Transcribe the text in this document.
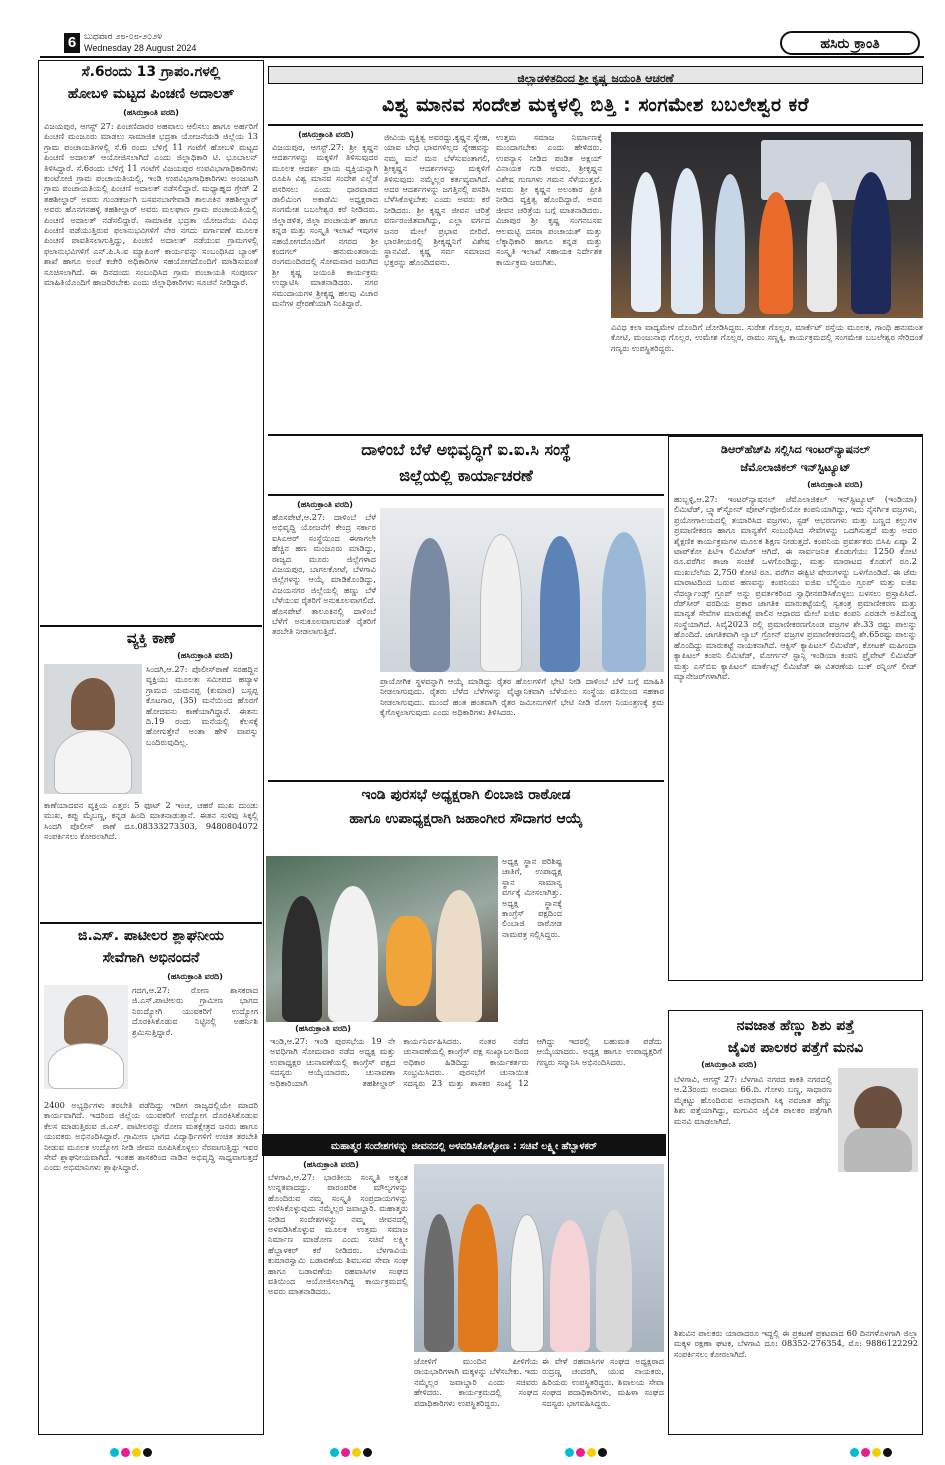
6 ಬುಧವಾರ ೨೮-೦೮-೨೦೨೪
Wednesday 28 August 2024	ಹಸಿರು ಕ್ರಾಂತಿ
ಸೆ.6ರಂದು 13 ಗ್ರಾಪಂ.ಗಳಲ್ಲಿ
ಹೋಬಳಿ ಮಟ್ಟದ ಪಿಂಚಣಿ ಅದಾಲತ್
(ಹಸಿರುಕ್ರಾಂತಿ ವರದಿ)
ವಿಜಯಪುರ, ಆಗಸ್ಟ್ 27: ಪಿಂಚಣಿದಾರರ ಅಹವಾಲು ಆಲಿಸಲು ಹಾಗೂ ಅರ್ಹರಿಗೆ ಪಿಂಚಣಿ ಮಂಜೂರು ಮಾಡಲು ಸಾಮಾಜಿಕ ಭದ್ರತಾ ಯೋಜನೆಯಡಿ ಜಿಲ್ಲೆಯ 13 ಗ್ರಾಮ ಪಂಚಾಯತಿಗಳಲ್ಲಿ ಸೆ.6 ರಂದು ಬೆಳಿಗ್ಗೆ 11 ಗಂಟೆಗೆ ಹೋಬಳಿ ಮಟ್ಟದ ಪಿಂಚಣಿ ಅದಾಲತ್ ಆಯೋಜಿಸಲಾಗಿದೆ ಎಂದು ಜಿಲ್ಲಾಧಿಕಾರಿ ಟಿ. ಭೂಬಾಲನ್ ತಿಳಿಸಿದ್ದಾರೆ. ಸೆ.6ರಂದು ಬೆಳಿಗ್ಗೆ 11 ಗಂಟೆಗೆ ವಿಜಯಪುರ ಉಪವಿಭಾಗಾಧಿಕಾರಿಗಳು ಕುಂಟೋಜಿ ಗ್ರಾಮ ಪಂಚಾಯತಿಯಲ್ಲಿ, ಇಂಡಿ ಉಪವಿಭಾಗಾಧಿಕಾರಿಗಳು ಅಂಜುಟಗಿ ಗ್ರಾಮ ಪಂಚಾಯತಿಯಲ್ಲಿ ಪಿಂಚಣಿ ಅದಾಲತ್ ನಡೆಸಲಿದ್ದಾರೆ. ಮಧ್ಯಾಹ್ನದ ಗ್ರೇಡ್ 2 ತಹಶೀಲ್ದಾರ್ ಅವರು ಗುಂಡಕರ್ಜಗಿ ಬಸವನಬಾಗೇವಾಡಿ ತಾಲೂಕಿನ ತಹಶೀಲ್ದಾರ್ ಅವರು ಹೊನಗನಹಳ್ಳಿ ತಹಶೀಲ್ದಾರ್ ಅವರು ಮಲಘಾಣ ಗ್ರಾಮ ಪಂಚಾಯತಿಯಲ್ಲಿ ಪಿಂಚಣಿ ಅದಾಲತ್ ನಡೆಸಲಿದ್ದಾರೆ. ಸಾಮಾಜಿಕ ಭದ್ರತಾ ಯೋಜನೆಯ ವಿವಿಧ ಪಿಂಚಣಿ ಪಡೆಯುತ್ತಿರುವ ಫಲಾನುಭವಿಗಳಿಗೆ ನೇರ ನಗದು ವರ್ಗಾವಣೆ ಮೂಲಕ ಪಿಂಚಣಿ ಪಾವತಿಸಲಾಗುತ್ತಿದ್ದು, ಪಿಂಚಣಿ ಅದಾಲತ್ ನಡೆಯುವ ಗ್ರಾಮಗಳಲ್ಲಿ ಫಲಾನುಭವಿಗಳಿಗೆ ಎನ್.ಪಿ.ಸಿ.ಐ ಮ್ಯಾಪಿಂಗ್ ಕಾರ್ಯವನ್ನು ಸಂಬಂಧಿಸಿದ ಬ್ಯಾಂಕ್ ಶಾಖೆ ಹಾಗೂ ಅಂಚೆ ಕಚೇರಿ ಅಧಿಕಾರಿಗಳ ಸಹಯೋಗದೊಂದಿಗೆ ಮಾಡಿಸುವಂತೆ ಸೂಚಿಸಲಾಗಿದೆ. ಈ ದಿನದಂದು ಸಂಬಂಧಿಸಿದ ಗ್ರಾಮ ಪಂಚಾಯತಿ ಸಂಪೂರ್ಣ ಮಾಹಿತಿಯೊಂದಿಗೆ ಹಾಜರಿರಬೇಕು ಎಂದು ಜಿಲ್ಲಾಧಿಕಾರಿಗಳು ಸೂಚನೆ ನೀಡಿದ್ದಾರೆ.
ವ್ಯಕ್ತಿ ಕಾಣೆ
(ಹಸಿರುಕ್ರಾಂತಿ ವರದಿ)
ಸಿಂದಗಿ,ಆ.27: ಪೊಲೀಸ್‌ಠಾಣೆ ಸರಹದ್ದಿನ ವ್ಯಕ್ತಿಯು ಮೂಲತಃ ಸಮೀಪದ ಹವ್ಯಾಳ ಗ್ರಾಮದ ಯಮನಪ್ಪ (ಕುಮಾರ) ಬಸ್ಸಪ್ಪ ಕೊಟಗಾರ, (35) ಮನೆಯಿಂದ ಹೊರಗೆ ಹೋದವನು ಕಾಣೆಯಾಗಿದ್ದಾನೆ. ಈತನು ದಿ.19 ರಂದು ಮನೆಯಲ್ಲಿ ಕೆಲಸಕ್ಕೆ ಹೋಗುತ್ತೇನೆ ಅಂತಾ ಹೇಳಿ ವಾಪಸ್ಸು ಬಂದಿರುವುದಿಲ್ಲ.
ಕಾಣೆಯಾದವನ ವ್ಯಕ್ತಿಯ ಎತ್ತರ: 5 ಫೂಟ್ 2 ಇಂಚ, ಚಹರೆ ಮುಖ ದುಂಡು ಮುಖ, ಕಪ್ಪು ಮೈಬಣ್ಣ, ಕನ್ನಡ ಹಿಂದಿ ಮಾತನಾಡುತ್ತಾನೆ. ಈತನ ಸುಳಿವು ಸಿಕ್ಕಲ್ಲಿ ಸಿಂದಗಿ ಪೊಲೀಸ್ ಠಾಣೆ ದೂ.08333273303, 9480804072 ಸಂಪರ್ಕಿಸಲು ಕೋರಲಾಗಿದೆ.
ಜಿ.ಎಸ್. ಪಾಟೀಲರ ಶ್ಲಾಘನೀಯ
ಸೇವೆಗಾಗಿ ಅಭಿನಂದನೆ
(ಹಸಿರುಕ್ರಾಂತಿ ವರದಿ)
ಗದಗ,ಆ.27: ರೋಣ ಶಾಸಕರಾದ ಜಿ.ಎಸ್.ಪಾಟೀಲರು ಗ್ರಾಮೀಣ ಭಾಗದ ನಿರುದ್ಯೋಗಿ ಯುವಕರಿಗೆ ಉದ್ಯೋಗ ದೊರಕಿಸಿಕೊಡುವ ನಿಟ್ಟಿನಲ್ಲಿ ಅಹರ್ನಿಶಿ ಶ್ರಮಿಸುತ್ತಿದ್ದಾರೆ.
2400 ಅಭ್ಯರ್ಥಿಗಳು ತರಬೇತಿ ಪಡೆದಿದ್ದು ಇದೀಗ ರಾಜ್ಯದಲ್ಲಿಯೇ ಮಾದರಿ ಕಾರ್ಯವಾಗಿದೆ. ಇದರಿಂದ ಜಿಲ್ಲೆಯ ಯುವಕರಿಗೆ ಉದ್ಯೋಗ ದೊರಕಿಸಿಕೊಡುವ ಕೆಲಸ ಮಾಡುತ್ತಿರುವ ಜಿ.ಎಸ್. ಪಾಟೀಲರನ್ನು ರೋಣ ಮತಕ್ಷೇತ್ರದ ಜನರು ಹಾಗೂ ಯುವಕರು ಅಭಿನಂದಿಸಿದ್ದಾರೆ. ಗ್ರಾಮೀಣ ಭಾಗದ ವಿದ್ಯಾರ್ಥಿಗಳಿಗೆ ಉಚಿತ ತರಬೇತಿ ನೀಡುವ ಮೂಲಕ ಉದ್ಯೋಗ ನೀಡಿ ಜೀವನ ರೂಪಿಸಿಕೊಳ್ಳಲು ನೆರವಾಗುತ್ತಿದ್ದು ಇವರ ಸೇವೆ ಶ್ಲಾಘನೀಯವಾಗಿದೆ. ಇಂತಹ ಶಾಸಕರಿಂದ ನಾಡಿನ ಅಭಿವೃದ್ಧಿ ಸಾಧ್ಯವಾಗುತ್ತದೆ ಎಂದು ಅಭಿಮಾನಿಗಳು ಶ್ಲಾಘಿಸಿದ್ದಾರೆ.
ಜಿಲ್ಲಾಡಳಿತದಿಂದ ಶ್ರೀ ಕೃಷ್ಣ ಜಯಂತಿ ಆಚರಣೆ
ವಿಶ್ವ ಮಾನವ ಸಂದೇಶ ಮಕ್ಕಳಲ್ಲಿ ಬಿತ್ತಿ : ಸಂಗಮೇಶ ಬಬಲೇಶ್ವರ ಕರೆ
(ಹಸಿರುಕ್ರಾಂತಿ ವರದಿ)
ವಿಜಯಪುರ, ಆಗಸ್ಟ್.27: ಶ್ರೀ ಕೃಷ್ಣನ ಆದರ್ಶಗಳನ್ನು ಮಕ್ಕಳಿಗೆ ತಿಳಿಸುವುದರ ಮೂಲಕ ಆದರ್ಶ ಪ್ರಾಯ ವ್ಯಕ್ತಿಯನ್ನಾಗಿ ರೂಪಿಸಿ ವಿಶ್ವ ಮಾನವ ಸಂದೇಶ ಎಲ್ಲೆಡೆ ಪಸರಿಸಲು ಎಂದು ಧಾರವಾಡದ ಡಾಲಿಮಿಂಗ ಅಕಾಡೆಮಿ ಅಧ್ಯಕ್ಷರಾದ ಸಂಗಮೇಶ ಬಬಲೇಶ್ವರ ಕರೆ ನೀಡಿದರು. ಜಿಲ್ಲಾಡಳಿತ, ಜಿಲ್ಲಾ ಪಂಚಾಯತ್ ಹಾಗೂ ಕನ್ನಡ ಮತ್ತು ಸಂಸ್ಕೃತಿ ಇಲಾಖೆ ಇವುಗಳ ಸಹಯೋಗದೊಂದಿಗೆ ನಗರದ ಶ್ರೀ ಕಂದಗಲ್ ಹನುಮಂತರಾಯ ರಂಗಮಂದಿರದಲ್ಲಿ ಸೋಮವಾರ ಜರುಗಿದ ಶ್ರೀ ಕೃಷ್ಣ ಜಯಂತಿ ಕಾರ್ಯಕ್ರಮ ಉದ್ಘಾಟಿಸಿ ಮಾತನಾಡಿದರು. ನಗರ ಸಮುದಾಯಗಳ ಶ್ರೀಕೃಷ್ಣ ಹಲವು ವಿಚಾರ ಮನೆಗಳ ಪ್ರೇರಣೆಯಾಗಿ ನಿಂತಿದ್ದಾರೆ.
ಜೀವಿಯ ವ್ಯಕ್ತಿತ್ವ ಅವರದ್ದು.ಕೃಷ್ಣನ ಸ್ನೇಹ, ಯಾವ ಬೇಧ ಭಾವಗಳಿಲ್ಲದ ಸ್ನೇಹವನ್ನು ನಮ್ಮ ಮನೆ ಮನ ಬೆಳೆಸುವಂತಾಗಲಿ, ಶ್ರೀಕೃಷ್ಣನ ಆದರ್ಶಗಳನ್ನು ಮಕ್ಕಳಿಗೆ ತಿಳಿಸುವುದು ನಮ್ಮೆಲ್ಲರ ಕರ್ತವ್ಯವಾಗಿದೆ. ಅದರ ಆದರ್ಶಗಳನ್ನು ಜಗತ್ತಿನಲ್ಲಿ ಪಸರಿಸಿ ಬೆಳೆಸಿಕೊಳ್ಳಬೇಕು ಎಂದು ಅವರು ಕರೆ ನೀಡಿದರು. ಶ್ರೀ ಕೃಷ್ಣನ ಜೀವನ ಚರಿತ್ರೆ ವರ್ಣರಂಜಿತವಾಗಿದ್ದು, ಎಲ್ಲಾ ವರ್ಗದ ಜನರ ಮೇಲೆ ಪ್ರಭಾವ ಬೀರಿದೆ. ಭಾರತೀಯರಲ್ಲಿ ಶ್ರೀಕೃಷ್ಣನಿಗೆ ವಿಶೇಷ ಸ್ಥಾನವಿದೆ. ಕೃಷ್ಣ ಸರ್ವ ಸಮಾಜದ ಭಕ್ತರನ್ನು ಹೊಂದಿದವನು.
ಉತ್ತಮ ಸಮಾಜ ನಿರ್ಮಾಣಕ್ಕೆ ಮುಂದಾಗಬೇಕು ಎಂದು ಹೇಳಿದರು. ಉಪನ್ಯಾಸ ನೀಡಿದ ಪಂಡಿತ ಅಕ್ಷಯ್ ವಿನಾಯಕ ಗುಡಿ ಅವರು, ಶ್ರೀಕೃಷ್ಣನ ವಿಶೇಷ ಗುಣಗಳು ಗಮನ ಸೆಳೆಯುತ್ತವೆ. ಅವರು ಶ್ರೀ ಕೃಷ್ಣನ ಅಲಂಕಾರ ಪ್ರೀತಿ ನೀಡಿದ ವ್ಯಕ್ತಿತ್ವ ಹೊಂದಿದ್ದಾರೆ. ಅವರ ಜೀವನ ಚರಿತ್ರೆಯ ಬಗ್ಗೆ ಮಾತನಾಡಿದರು. ವಿಜಾಪುರ ಶ್ರೀ ಕೃಷ್ಣ ಸಂಗನಬಸವ ಆಲಮಟ್ಟಿ ದಸರಾ ಪಂಚಾಯತ್ ಮತ್ತು ಲೆಕ್ಕಾಧಿಕಾರಿ ಹಾಗೂ ಕನ್ನಡ ಮತ್ತು ಸಂಸ್ಕೃತಿ ಇಲಾಖೆ ಸಹಾಯಕ ನಿರ್ದೇಶಕ ಕಾರ್ಯಕ್ರಮ ಜರುಗಿತು.
ವಿವಿಧ ಕಲಾ ವಾದ್ಯಮೇಳ ದೊಂದಿಗೆ ಜೋಡಿಸಿದ್ದರು. ಸುರೇಶ ಗೊಲ್ಲರ, ಮಾರ್ಕೆಟ್ ರಸ್ತೆಯ ಮೂಲಕ, ಗಾಂಧಿ ಹನುಮಂತ ಕೋಟಿ, ಮಂಜುನಾಥ ಗೊಲ್ಲರ, ಉಮೇಶ ಗೊಲ್ಲರ, ರಾಮು ಸಣ್ಣಕ್ಕಿ, ಕಾರ್ಯಕ್ರಮದಲ್ಲಿ ಸಂಗಮೇಶ ಬಬಲೇಶ್ವರ ಸೇರಿದಂತೆ ಗಣ್ಯರು ಉಪಸ್ಥಿತರಿದ್ದರು.
ದಾಳಿಂಬೆ ಬೆಳೆ ಅಭಿವೃದ್ಧಿಗೆ ಐ.ಐ.ಸಿ ಸಂಸ್ಥೆ
ಜಿಲ್ಲೆಯಲ್ಲಿ ಕಾರ್ಯಾಚರಣೆ
(ಹಸಿರುಕ್ರಾಂತಿ ವರದಿ)
ಹೊಸಪೇಟೆ,ಆ.27: ದಾಳಿಂಬೆ ಬೆಳೆ ಅಭಿವೃದ್ಧಿ ಯೋಜನೆಗೆ ಕೇಂದ್ರ ಸರ್ಕಾರ ಐಸಿಎಆರ್ ಸಂಸ್ಥೆಯಿಂದ ಈಗಾಗಲೇ ಹೆಚ್ಚಿನ ಹಣ ಮಂಜೂರು ಮಾಡಿದ್ದು, ರಾಜ್ಯದ ಮೂರು ಜಿಲ್ಲೆಗಳಾದ ವಿಜಯಪುರ, ಬಾಗಲಕೋಟೆ, ಬೆಳಗಾವಿ ಜಿಲ್ಲೆಗಳನ್ನು ಆಯ್ಕೆ ಮಾಡಿಕೊಂಡಿದ್ದು, ವಿಜಯನಗರ ಜಿಲ್ಲೆಯಲ್ಲಿ ಹಣ್ಣು ಬೆಳೆ ಬೆಳೆಯುವ ರೈತರಿಗೆ ಅನುಕೂಲವಾಗಲಿದೆ. ಹೊಸಪೇಟೆ ತಾಲೂಕಿನಲ್ಲಿ ದಾಳಿಂಬೆ ಬೆಳೆಗೆ ಅನುಕೂಲವಾಗುವಂತೆ ರೈತರಿಗೆ ತರಬೇತಿ ನೀಡಲಾಗುತ್ತಿದೆ.
ಪ್ರಾಯೋಗಿಕ ಸ್ಥಳವನ್ನಾಗಿ ಆಯ್ಕೆ ಮಾಡಿದ್ದು ರೈತರ ಹೊಲಗಳಿಗೆ ಭೇಟಿ ನೀಡಿ ದಾಳಿಂಬೆ ಬೆಳೆ ಬಗ್ಗೆ ಮಾಹಿತಿ ನೀಡಲಾಗುವುದು. ರೈತರು ಬೆಳೆದ ಬೆಳೆಗಳನ್ನು ವೈಜ್ಞಾನಿಕವಾಗಿ ಬೆಳೆಯಲು ಸಂಸ್ಥೆಯ ವತಿಯಿಂದ ಸಹಕಾರ ನೀಡಲಾಗುವುದು. ಮುಂದೆ ಹಂತ ಹಂತವಾಗಿ ರೈತರ ಜಮೀನುಗಳಿಗೆ ಭೇಟಿ ನೀಡಿ ರೋಗ ನಿಯಂತ್ರಣಕ್ಕೆ ಕ್ರಮ ಕೈಗೊಳ್ಳಲಾಗುವುದು ಎಂದು ಅಧಿಕಾರಿಗಳು ತಿಳಿಸಿದರು.
ಡಿಆರ್‌ಹೆಚ್‌ಪಿ ಸಲ್ಲಿಸಿದ ಇಂಟರ್‌ನ್ಯಾಷನಲ್
ಜೆಮೊಲಾಜಿಕಲ್ ಇನ್‌ಸ್ಟಿಟ್ಯೂಟ್
(ಹಸಿರುಕ್ರಾಂತಿ ವರದಿ)
ಹುಬ್ಬಳ್ಳಿ,ಆ.27: ಇಂಟರ್‌ನ್ಯಾಷನಲ್ ಜೆಮೊಲಾಜಿಕಲ್ ಇನ್‌ಸ್ಟಿಟ್ಯೂಟ್ (ಇಂಡಿಯಾ) ಲಿಮಿಟೆಡ್, ಬ್ಲ್ಯಾಕ್‌ಸ್ಟೋನ್ ಪೋರ್ಟ್‌ಫೋಲಿಯೋ ಕಂಪನಿಯಾಗಿದ್ದು, ಇದು ನೈಸರ್ಗಿಕ ವಜ್ರಗಳು, ಪ್ರಯೋಗಾಲಯದಲ್ಲಿ ತಯಾರಿಸಿದ ವಜ್ರಗಳು, ಸ್ಟಡ್ ಆಭರಣಗಳು ಮತ್ತು ಬಣ್ಣದ ಕಲ್ಲುಗಳ ಪ್ರಮಾಣೀಕರಣ ಹಾಗೂ ಮಾನ್ಯತೆಗೆ ಸಂಬಂಧಿಸಿದ ಸೇವೆಗಳನ್ನು ಒದಗಿಸುತ್ತದೆ ಮತ್ತು ಅದರ ಶೈಕ್ಷಣಿಕ ಕಾರ್ಯಕ್ರಮಗಳ ಮೂಲಕ ಶಿಕ್ಷಣ ನೀಡುತ್ತದೆ. ಕಂಪನಿಯ ಪ್ರವರ್ತಕರು ಬಿಸಿಪಿ ಏಷ್ಯಾ 2 ಟಾಪ್‌ಕೋ ಪಿಟಿಇ ಲಿಮಿಟೆಡ್ ಆಗಿದೆ. ಈ ಸಾರ್ವಜನಿಕ ಕೊಡುಗೆಯು 1250 ಕೋಟಿ ರೂ.ವರೆಗಿನ ತಾಜಾ ಸಂಚಿಕೆ ಒಳಗೊಂಡಿದ್ದು, ಮತ್ತು ಮಾರಾಟದ ಕೊಡುಗೆ ರೂ.2 ಮುಖಬೆಲೆಯ 2,750 ಕೋಟಿ ರೂ. ವರೆಗಿನ ಈಕ್ವಿಟಿ ಷೇರುಗಳನ್ನು ಒಳಗೊಂಡಿದೆ. ಈ ಜೆಮ ಮಾರಾಟದಿಂದ ಬರುವ ಹಣವನ್ನು ಕಂಪನಿಯು ಐಜಿಐ ಬೆಲ್ಜಿಯಂ ಗ್ರೂಪ್ ಮತ್ತು ಐಜಿಐ ನೆದರ್ಲ್ಯಾಂಡ್ಸ್ ಗ್ರೂಪ್ ಅನ್ನು ಪ್ರವರ್ತಕರಿಂದ ಸ್ವಾಧೀನಪಡಿಸಿಕೊಳ್ಳಲು ಬಳಸಲು ಪ್ರಸ್ತಾಪಿಸಿದೆ. ರೆಡ್‌ಸೀರ್ ವರದಿಯ ಪ್ರಕಾರ ಜಾಗತಿಕ ಮಾರುಕಟ್ಟೆಯಲ್ಲಿ ಸ್ವತಂತ್ರ ಪ್ರಮಾಣೀಕರಣ ಮತ್ತು ಮಾನ್ಯತೆ ಸೇವೆಗಳ ಮಾರುಕಟ್ಟೆ ಪಾಲಿನ ಆಧಾರದ ಮೇಲೆ ಐಜಿಐ ಕಂಪನಿ ಎರಡನೇ ಅತಿದೊಡ್ಡ ಸಂಸ್ಥೆಯಾಗಿದೆ. ಸಿವೈ2023 ರಲ್ಲಿ ಪ್ರಮಾಣೀಕರಣಗೊಂಡ ವಜ್ರಗಳ ಶೇ.33 ರಷ್ಟು ಪಾಲನ್ನು ಹೊಂದಿದೆ. ಜಾಗತಿಕವಾಗಿ ಲ್ಯಾಬ್ ಗ್ರೋನ್ ವಜ್ರಗಳ ಪ್ರಮಾಣೀಕರಣದಲ್ಲಿ ಶೇ.65ರಷ್ಟು ಪಾಲನ್ನು ಹೊಂದಿದ್ದು ಮಾರುಕಟ್ಟೆ ನಾಯಕನಾಗಿದೆ. ಆಕ್ಸಿಸ್ ಕ್ಯಾಪಿಟಲ್ ಲಿಮಿಟೆಡ್, ಕೋಟಕ್ ಮಹೀಂದ್ರಾ ಕ್ಯಾಪಿಟಲ್ ಕಂಪನಿ ಲಿಮಿಟೆಡ್, ಮೋರ್ಗನ್ ಸ್ಟಾನ್ಲಿ ಇಂಡಿಯಾ ಕಂಪನಿ ಪ್ರೈವೇಟ್ ಲಿಮಿಟೆಡ್ ಮತ್ತು ಎಸ್‌ಬಿಐ ಕ್ಯಾಪಿಟಲ್ ಮಾರ್ಕೆಟ್ಸ್ ಲಿಮಿಟೆಡ್ ಈ ವಿತರಣೆಯ ಬುಕ್ ರನ್ನಿಂಗ್ ಲೀಡ್ ಮ್ಯಾನೇಜರ್‌ಗಳಾಗಿವೆ.
ಇಂಡಿ ಪುರಸಭೆ ಅಧ್ಯಕ್ಷರಾಗಿ ಲಿಂಬಾಜಿ ರಾಠೋಡ
ಹಾಗೂ ಉಪಾಧ್ಯಕ್ಷರಾಗಿ ಜಹಾಂಗೀರ ಸೌದಾಗರ ಆಯ್ಕೆ
ಅಧ್ಯಕ್ಷ ಸ್ಥಾನ ಪರಿಶಿಷ್ಟ ಜಾತಿಗೆ, ಉಪಾಧ್ಯಕ್ಷ ಸ್ಥಾನ ಸಾಮಾನ್ಯ ವರ್ಗಕ್ಕೆ ಮೀಸಲಾಗಿತ್ತು. ಅಧ್ಯಕ್ಷ ಸ್ಥಾನಕ್ಕೆ ಕಾಂಗ್ರೆಸ್ ಪಕ್ಷದಿಂದ ಲಿಂಬಾಜಿ ರಾಠೋಡ ನಾಮಪತ್ರ ಸಲ್ಲಿಸಿದ್ದರು.
(ಹಸಿರುಕ್ರಾಂತಿ ವರದಿ)
ಇಂಡಿ,ಆ.27: ಇಂಡಿ ಪುರಸಭೆಯ 19 ನೇ ಅವಧಿಗಾಗಿ ಸೋಮವಾರ ನಡೆದ ಅಧ್ಯಕ್ಷ ಮತ್ತು ಉಪಾಧ್ಯಕ್ಷರ ಚುನಾವಣೆಯಲ್ಲಿ ಕಾಂಗ್ರೆಸ್ ಪಕ್ಷದ ಸದಸ್ಯರು ಆಯ್ಕೆಯಾದರು. ಚುನಾವಣಾ ಅಧಿಕಾರಿಯಾಗಿ ತಹಶೀಲ್ದಾರ್ ಕಾರ್ಯನಿರ್ವಹಿಸಿದರು. ನಂತರ ನಡೆದ ಚುನಾವಣೆಯಲ್ಲಿ ಕಾಂಗ್ರೆಸ್ ಪಕ್ಷ ಸಂಖ್ಯಾಬಲದಿಂದ ಅಧಿಕಾರ ಹಿಡಿದಿದ್ದು ಕಾರ್ಯಕರ್ತರು ಸಂಭ್ರಮಿಸಿದರು. ಪುರಸಭೆಗೆ ಚುನಾಯಿತ ಸದಸ್ಯರು 23 ಮತ್ತು ಶಾಸಕರ ಸಂಖ್ಯೆ 12 ಆಗಿದ್ದು ಇದರಲ್ಲಿ ಬಹುಮತ ಪಡೆದು ಆಯ್ಕೆಯಾದರು. ಅಧ್ಯಕ್ಷ ಹಾಗೂ ಉಪಾಧ್ಯಕ್ಷರಿಗೆ ಗಣ್ಯರು ಸನ್ಮಾನಿಸಿ ಅಭಿನಂದಿಸಿದರು.
ನವಜಾತ ಹೆಣ್ಣು ಶಿಶು ಪತ್ತೆ
ಜೈವಿಕ ಪಾಲಕರ ಪತ್ತೆಗೆ ಮನವಿ
(ಹಸಿರುಕ್ರಾಂತಿ ವರದಿ)
ಬೆಳಗಾವಿ, ಆಗಸ್ಟ್ 27: ಬೆಳಗಾವಿ ನಗರದ ಕಾಕತಿ ನಗರದಲ್ಲಿ ಆ.23ರಂದು ಅಂದಾಜು 66.ದಿ. ಗೋಳು ಬಣ್ಣ, ಸಾಧಾರಣ ಮೈಕಟ್ಟು ಹೊಂದಿರುವ ಅನಾಥವಾಗಿ ಸಿಕ್ಕ ನವಜಾತ ಹೆಣ್ಣು ಶಿಶು ಪತ್ತೆಯಾಗಿದ್ದು, ಮಗುವಿನ ಜೈವಿಕ ಪಾಲಕರ ಪತ್ತೆಗಾಗಿ ಮನವಿ ಮಾಡಲಾಗಿದೆ.
ಶಿಶುವಿನ ಪಾಲಕರು ಯಾರಾದರೂ ಇದ್ದಲ್ಲಿ ಈ ಪ್ರಕಟಣೆ ಪ್ರಕಟವಾದ 60 ದಿನಗಳೊಳಗಾಗಿ ಜಿಲ್ಲಾ ಮಕ್ಕಳ ರಕ್ಷಣಾ ಘಟಕ, ಬೆಳಗಾವಿ ದೂ: 08352-276354, ಮೊ: 9886122292 ಸಂಪರ್ಕಿಸಲು ಕೋರಲಾಗಿದೆ.
ಮಹಾತ್ಮರ ಸಂದೇಶಗಳನ್ನು ಜೀವನದಲ್ಲಿ ಅಳವಡಿಸಿಕೊಳ್ಳೋಣ : ಸಚಿವೆ ಲಕ್ಷ್ಮೀ ಹೆಬ್ಬಾಳಕರ್
(ಹಸಿರುಕ್ರಾಂತಿ ವರದಿ)
ಬೆಳಗಾವಿ,ಆ.27: ಭಾರತೀಯ ಸಂಸ್ಕೃತಿ ಅತ್ಯಂತ ಉನ್ನತವಾದದ್ದು. ಪಾರಂಪರಿಕ ಮೌಲ್ಯಗಳನ್ನು ಹೊಂದಿರುವ ನಮ್ಮ ಸಂಸ್ಕೃತಿ ಸಂಪ್ರದಾಯಗಳನ್ನು ಉಳಿಸಿಕೊಳ್ಳುವುದು ನಮ್ಮೆಲ್ಲರ ಜವಾಬ್ದಾರಿ. ಮಹಾತ್ಮರು ನೀಡಿದ ಸಂದೇಶಗಳನ್ನು ನಮ್ಮ ಜೀವನದಲ್ಲಿ ಅಳವಡಿಸಿಕೊಳ್ಳುವ ಮೂಲಕ ಉತ್ತಮ ಸಮಾಜ ನಿರ್ಮಾಣ ಮಾಡೋಣ ಎಂದು ಸಚಿವೆ ಲಕ್ಷ್ಮೀ ಹೆಬ್ಬಾಳಕರ್ ಕರೆ ನೀಡಿದರು. ಬೆಳಗಾವಿಯ ಕುಮಾರಸ್ವಾಮಿ ಬಡಾವಣೆಯ ಶಿವಬಸವ ಸೇವಾ ಸಂಘ ಹಾಗೂ ಬಡಾವಣೆಯ ರಹವಾಸಿಗಳ ಸಂಘದ ವತಿಯಿಂದ ಆಯೋಜಿಸಲಾಗಿದ್ದ ಕಾರ್ಯಕ್ರಮದಲ್ಲಿ ಅವರು ಮಾತನಾಡಿದರು.
ಜೋಳಿಗೆ ಮುಂದಿನ ಪೀಳಿಗೆಯ ರಾಯಭಾರಿಗಳಾಗಿ ಮಕ್ಕಳನ್ನು ಬೆಳೆಸಬೇಕು. ಇದು ನಮ್ಮೆಲ್ಲರ ಜವಾಬ್ದಾರಿ ಎಂದು ಸಚಿವರು ಹೇಳಿದರು. ಕಾರ್ಯಕ್ರಮದಲ್ಲಿ ಸಂಘದ ಪದಾಧಿಕಾರಿಗಳು ಉಪಸ್ಥಿತರಿದ್ದರು.
ಈ ವೇಳೆ ರಹವಾಸಿಗಳ ಸಂಘದ ಅಧ್ಯಕ್ಷರಾದ ರುದ್ರಣ್ಣ ಚಂದರಗಿ, ಯುವ ನಾಯಕರು, ಹಿರಿಯರು ಉಪಸ್ಥಿತರಿದ್ದರು. ಶಿವಾಲಯ ಸೇವಾ ಸಂಘದ ಪದಾಧಿಕಾರಿಗಳು, ಮಹಿಳಾ ಸಂಘದ ಸದಸ್ಯರು ಭಾಗವಹಿಸಿದ್ದರು.
